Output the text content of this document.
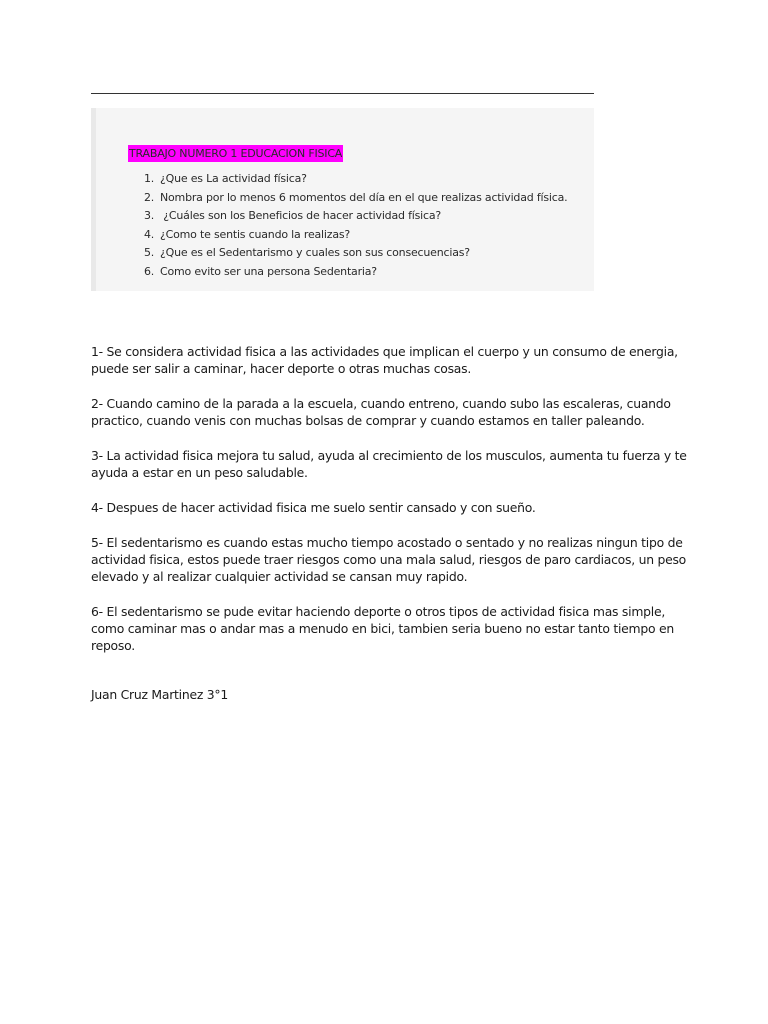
TRABAJO NUMERO 1 EDUCACION FISICA
1. ¿Que es La actividad física?
2. Nombra por lo menos 6 momentos del día en el que realizas actividad física.
3. ¿Cuáles son los Beneficios de hacer actividad física?
4. ¿Como te sentis cuando la realizas?
5. ¿Que es el Sedentarismo y cuales son sus consecuencias?
6. Como evito ser una persona Sedentaria?

1- Se considera actividad fisica a las actividades que implican el cuerpo y un consumo de energia, puede ser salir a caminar, hacer deporte o otras muchas cosas.

2- Cuando camino de la parada a la escuela, cuando entreno, cuando subo las escaleras, cuando practico, cuando venis con muchas bolsas de comprar y cuando estamos en taller paleando.

3- La actividad fisica mejora tu salud, ayuda al crecimiento de los musculos, aumenta tu fuerza y te ayuda a estar en un peso saludable.

4- Despues de hacer actividad fisica me suelo sentir cansado y con sueño.

5- El sedentarismo es cuando estas mucho tiempo acostado o sentado y no realizas ningun tipo de actividad fisica, estos puede traer riesgos como una mala salud, riesgos de paro cardiacos, un peso elevado y al realizar cualquier actividad se cansan muy rapido.

6- El sedentarismo se pude evitar haciendo deporte o otros tipos de actividad fisica mas simple, como caminar mas o andar mas a menudo en bici, tambien seria bueno no estar tanto tiempo en reposo.

Juan Cruz Martinez 3°1
